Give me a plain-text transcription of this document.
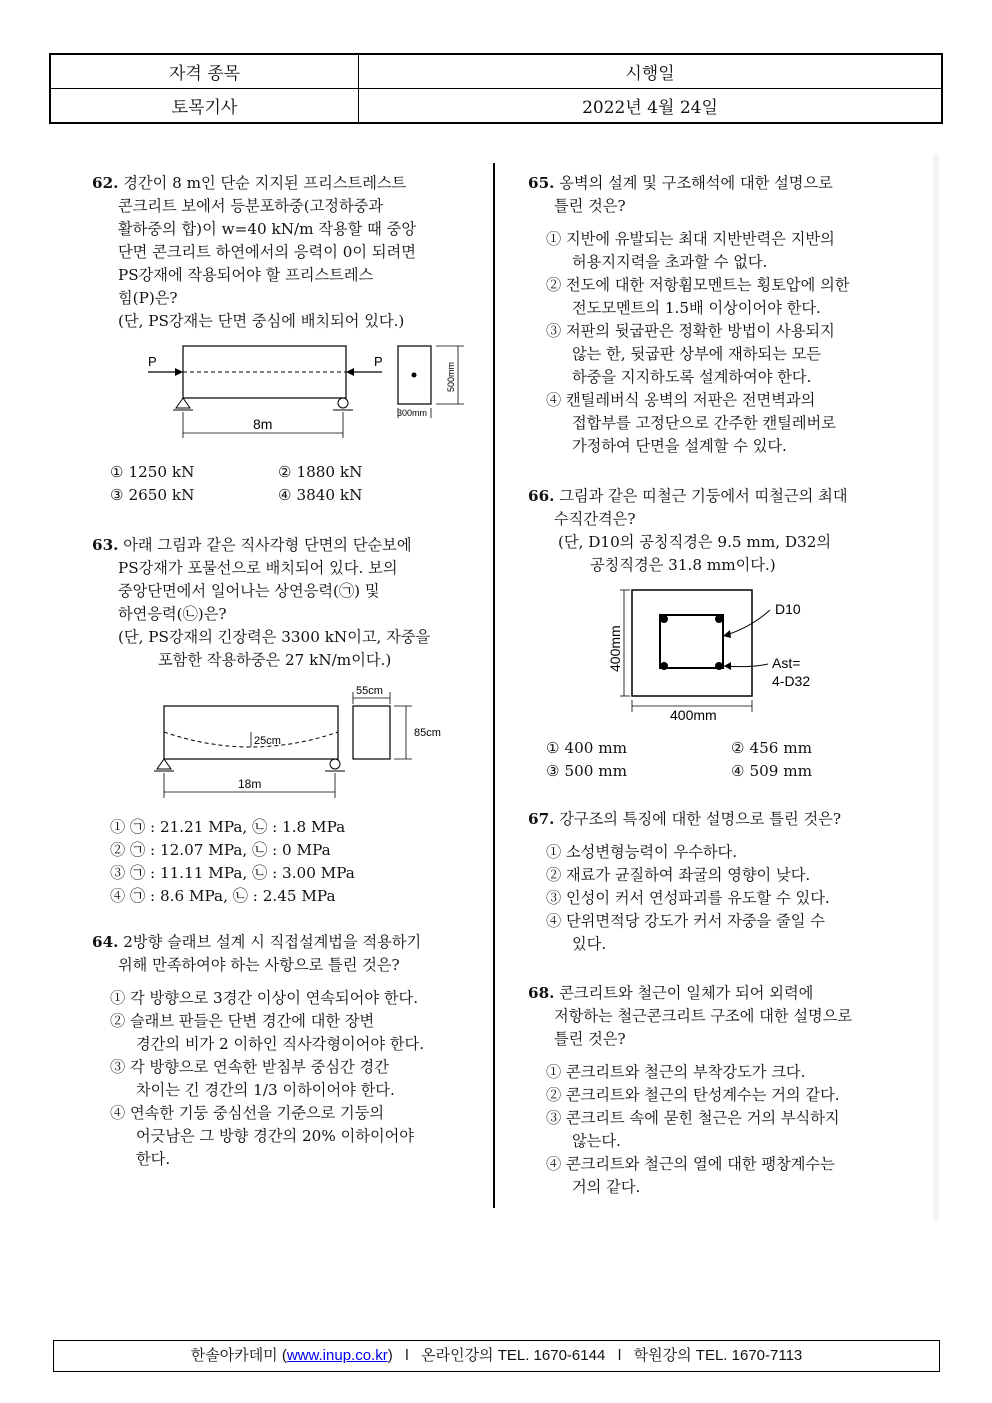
자격 종목	시행일
토목기사	2022년 4월 24일
62. 경간이 8 m인 단순 지지된 프리스트레스트
콘크리트 보에서 등분포하중(고정하중과
활하중의 합)이 w=40 kN/m 작용할 때 중앙
단면 콘크리트 하연에서의 응력이 0이 되려면
PS강재에 작용되어야 할 프리스트레스
힘(P)은?
(단, PS강재는 단면 중심에 배치되어 있다.)
P	P
8m
500mm
300mm
① 1250 kN	② 1880 kN
③ 2650 kN	④ 3840 kN
63. 아래 그림과 같은 직사각형 단면의 단순보에
PS강재가 포물선으로 배치되어 있다. 보의
중앙단면에서 일어나는 상연응력(㉠) 및
하연응력(㉡)은?
(단, PS강재의 긴장력은 3300 kN이고, 자중을
포함한 작용하중은 27 kN/m이다.)
25cm
18m
55cm
85cm
① ㉠ : 21.21 MPa, ㉡ : 1.8 MPa
② ㉠ : 12.07 MPa, ㉡ : 0 MPa
③ ㉠ : 11.11 MPa, ㉡ : 3.00 MPa
④ ㉠ : 8.6 MPa, ㉡ : 2.45 MPa
64. 2방향 슬래브 설계 시 직접설계법을 적용하기
위해 만족하여야 하는 사항으로 틀린 것은?
① 각 방향으로 3경간 이상이 연속되어야 한다.
② 슬래브 판들은 단변 경간에 대한 장변
경간의 비가 2 이하인 직사각형이어야 한다.
③ 각 방향으로 연속한 받침부 중심간 경간
차이는 긴 경간의 1/3 이하이어야 한다.
④ 연속한 기둥 중심선을 기준으로 기둥의
어긋남은 그 방향 경간의 20% 이하이어야
한다.
65. 옹벽의 설계 및 구조해석에 대한 설명으로
틀린 것은?
① 지반에 유발되는 최대 지반반력은 지반의
허용지지력을 초과할 수 없다.
② 전도에 대한 저항휨모멘트는 횡토압에 의한
전도모멘트의 1.5배 이상이어야 한다.
③ 저판의 뒷굽판은 정확한 방법이 사용되지
않는 한, 뒷굽판 상부에 재하되는 모든
하중을 지지하도록 설계하여야 한다.
④ 캔틸레버식 옹벽의 저판은 전면벽과의
접합부를 고정단으로 간주한 캔틸레버로
가정하여 단면을 설계할 수 있다.
66. 그림과 같은 띠철근 기둥에서 띠철근의 최대
수직간격은?
(단, D10의 공칭직경은 9.5 mm, D32의
공칭직경은 31.8 mm이다.)
D10
Ast=
4-D32
400mm
400mm
① 400 mm	② 456 mm
③ 500 mm	④ 509 mm
67. 강구조의 특징에 대한 설명으로 틀린 것은?
① 소성변형능력이 우수하다.
② 재료가 균질하여 좌굴의 영향이 낮다.
③ 인성이 커서 연성파괴를 유도할 수 있다.
④ 단위면적당 강도가 커서 자중을 줄일 수
있다.
68. 콘크리트와 철근이 일체가 되어 외력에
저항하는 철근콘크리트 구조에 대한 설명으로
틀린 것은?
① 콘크리트와 철근의 부착강도가 크다.
② 콘크리트와 철근의 탄성계수는 거의 같다.
③ 콘크리트 속에 묻힌 철근은 거의 부식하지
않는다.
④ 콘크리트와 철근의 열에 대한 팽창계수는
거의 같다.
한솔아카데미 (www.inup.co.kr) l 온라인강의 TEL. 1670-6144 l 학원강의 TEL. 1670-7113
